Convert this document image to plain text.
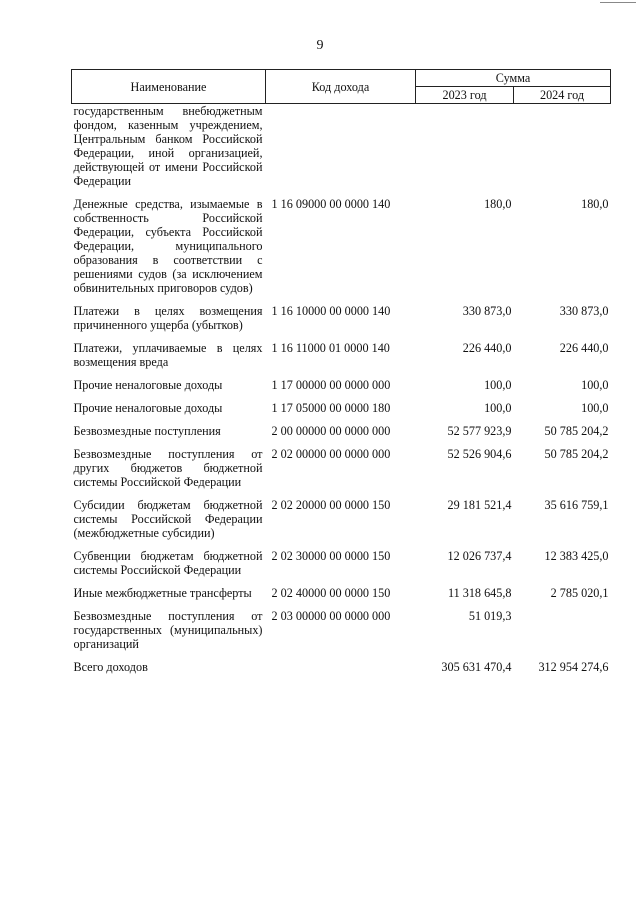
9
Наименование	Код дохода	Сумма	
		2023 год	2024 год
государственным внебюджетным фондом, казенным учреждением, Центральным банком Российской Федерации, иной организацией, действующей от имени Российской Федерации			
Денежные средства, изымаемые в собственность Российской Федерации, субъекта Российской Федерации, муниципального образования в соответствии с решениями судов (за исключением обвинительных приговоров судов)	1 16 09000 00 0000 140	180,0	180,0
Платежи в целях возмещения причиненного ущерба (убытков)	1 16 10000 00 0000 140	330 873,0	330 873,0
Платежи, уплачиваемые в целях возмещения вреда	1 16 11000 01 0000 140	226 440,0	226 440,0
Прочие неналоговые доходы	1 17 00000 00 0000 000	100,0	100,0
Прочие неналоговые доходы	1 17 05000 00 0000 180	100,0	100,0
Безвозмездные поступления	2 00 00000 00 0000 000	52 577 923,9	50 785 204,2
Безвозмездные поступления от других бюджетов бюджетной системы Российской Федерации	2 02 00000 00 0000 000	52 526 904,6	50 785 204,2
Субсидии бюджетам бюджетной системы Российской Федерации (межбюджетные субсидии)	2 02 20000 00 0000 150	29 181 521,4	35 616 759,1
Субвенции бюджетам бюджетной системы Российской Федерации	2 02 30000 00 0000 150	12 026 737,4	12 383 425,0
Иные межбюджетные трансферты	2 02 40000 00 0000 150	11 318 645,8	2 785 020,1
Безвозмездные поступления от государственных (муниципальных) организаций	2 03 00000 00 0000 000	51 019,3	
Всего доходов		305 631 470,4	312 954 274,6
